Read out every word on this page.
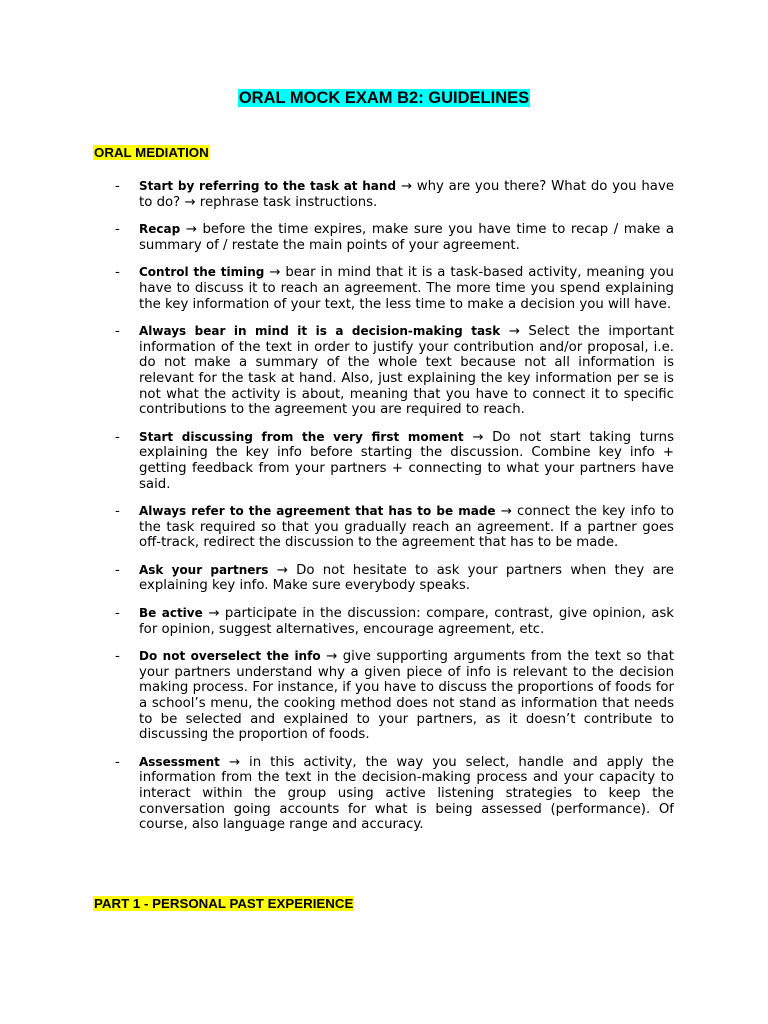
ORAL MOCK EXAM B2: GUIDELINES
ORAL MEDIATION
- Start by referring to the task at hand → why are you there? What do you have to do? → rephrase task instructions.
- Recap → before the time expires, make sure you have time to recap / make a summary of / restate the main points of your agreement.
- Control the timing → bear in mind that it is a task-based activity, meaning you have to discuss it to reach an agreement. The more time you spend explaining the key information of your text, the less time to make a decision you will have.
- Always bear in mind it is a decision-making task → Select the important information of the text in order to justify your contribution and/or proposal, i.e. do not make a summary of the whole text because not all information is relevant for the task at hand. Also, just explaining the key information per se is not what the activity is about, meaning that you have to connect it to specific contributions to the agreement you are required to reach.
- Start discussing from the very first moment → Do not start taking turns explaining the key info before starting the discussion. Combine key info + getting feedback from your partners + connecting to what your partners have said.
- Always refer to the agreement that has to be made → connect the key info to the task required so that you gradually reach an agreement. If a partner goes off-track, redirect the discussion to the agreement that has to be made.
- Ask your partners → Do not hesitate to ask your partners when they are explaining key info. Make sure everybody speaks.
- Be active → participate in the discussion: compare, contrast, give opinion, ask for opinion, suggest alternatives, encourage agreement, etc.
- Do not overselect the info → give supporting arguments from the text so that your partners understand why a given piece of info is relevant to the decision making process. For instance, if you have to discuss the proportions of foods for a school’s menu, the cooking method does not stand as information that needs to be selected and explained to your partners, as it doesn’t contribute to discussing the proportion of foods.
- Assessment → in this activity, the way you select, handle and apply the information from the text in the decision-making process and your capacity to interact within the group using active listening strategies to keep the conversation going accounts for what is being assessed (performance). Of course, also language range and accuracy.
PART 1 - PERSONAL PAST EXPERIENCE
